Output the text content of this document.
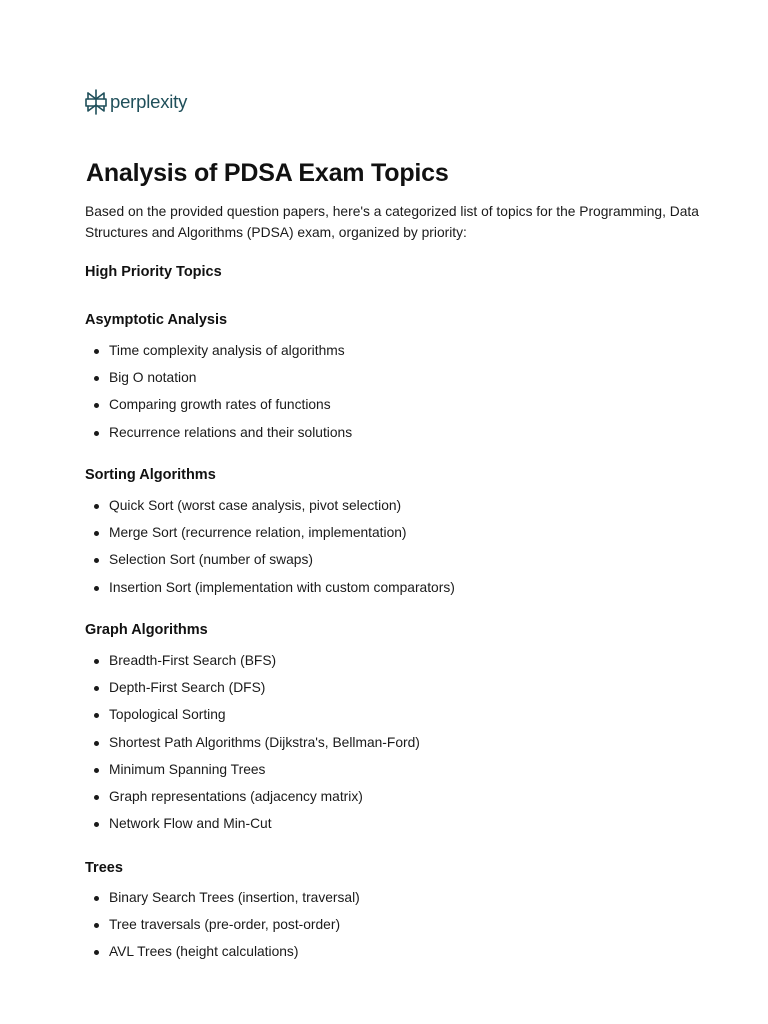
perplexity
Analysis of PDSA Exam Topics

Based on the provided question papers, here's a categorized list of topics for the Programming, Data Structures and Algorithms (PDSA) exam, organized by priority:

High Priority Topics
Asymptotic Analysis
Time complexity analysis of algorithms
Big O notation
Comparing growth rates of functions
Recurrence relations and their solutions
Sorting Algorithms
Quick Sort (worst case analysis, pivot selection)
Merge Sort (recurrence relation, implementation)
Selection Sort (number of swaps)
Insertion Sort (implementation with custom comparators)
Graph Algorithms
Breadth-First Search (BFS)
Depth-First Search (DFS)
Topological Sorting
Shortest Path Algorithms (Dijkstra's, Bellman-Ford)
Minimum Spanning Trees
Graph representations (adjacency matrix)
Network Flow and Min-Cut
Trees
Binary Search Trees (insertion, traversal)
Tree traversals (pre-order, post-order)
AVL Trees (height calculations)
